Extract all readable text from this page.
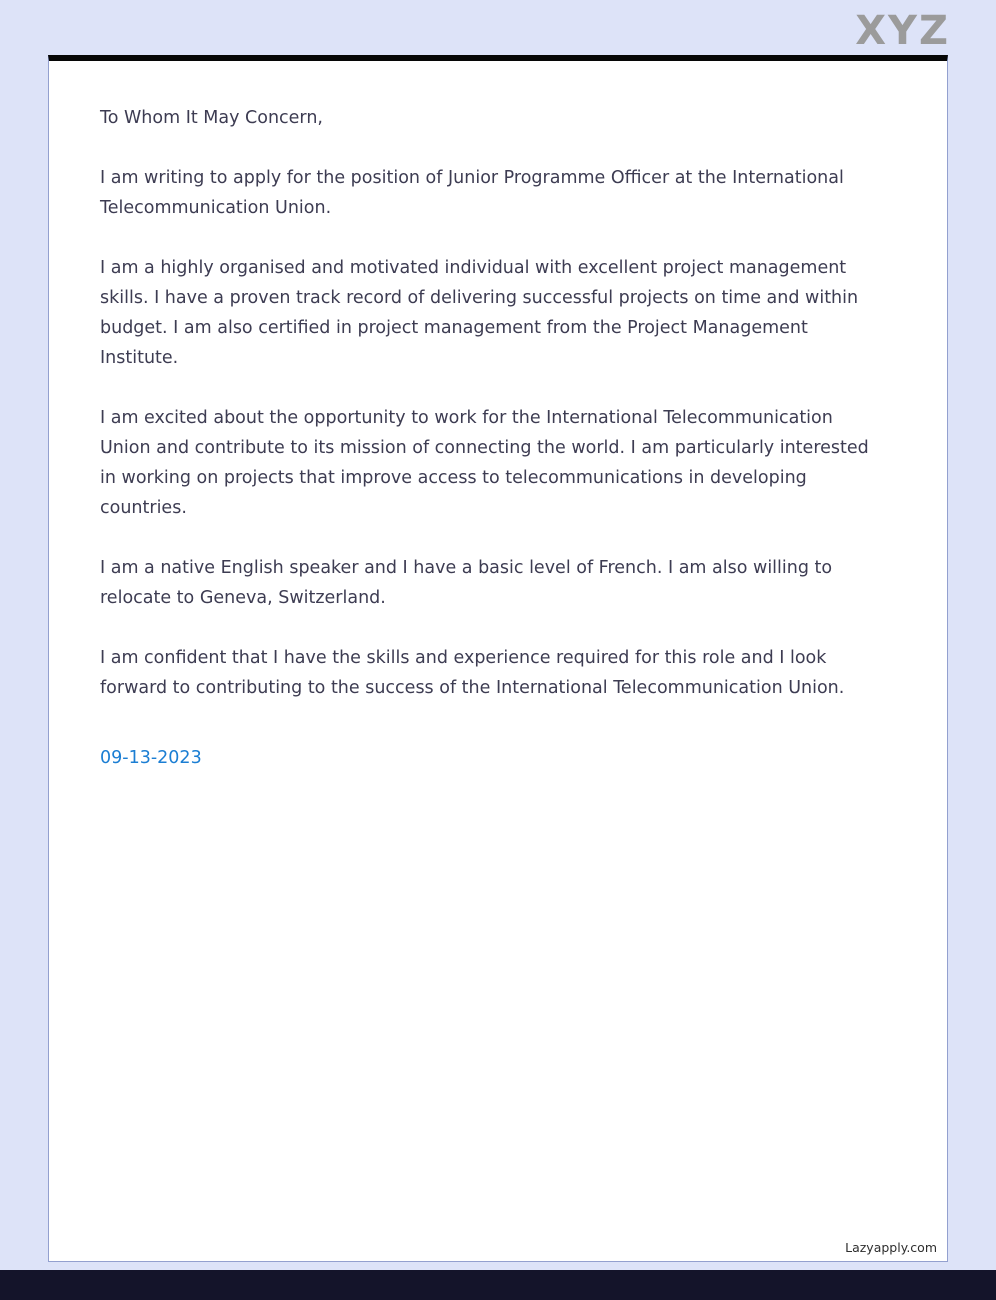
XYZ

To Whom It May Concern,

I am writing to apply for the position of Junior Programme Officer at the International Telecommunication Union.

I am a highly organised and motivated individual with excellent project management skills. I have a proven track record of delivering successful projects on time and within budget. I am also certified in project management from the Project Management Institute.

I am excited about the opportunity to work for the International Telecommunication Union and contribute to its mission of connecting the world. I am particularly interested in working on projects that improve access to telecommunications in developing countries.

I am a native English speaker and I have a basic level of French. I am also willing to relocate to Geneva, Switzerland.

I am confident that I have the skills and experience required for this role and I look forward to contributing to the success of the International Telecommunication Union.

09-13-2023
Lazyapply.com
